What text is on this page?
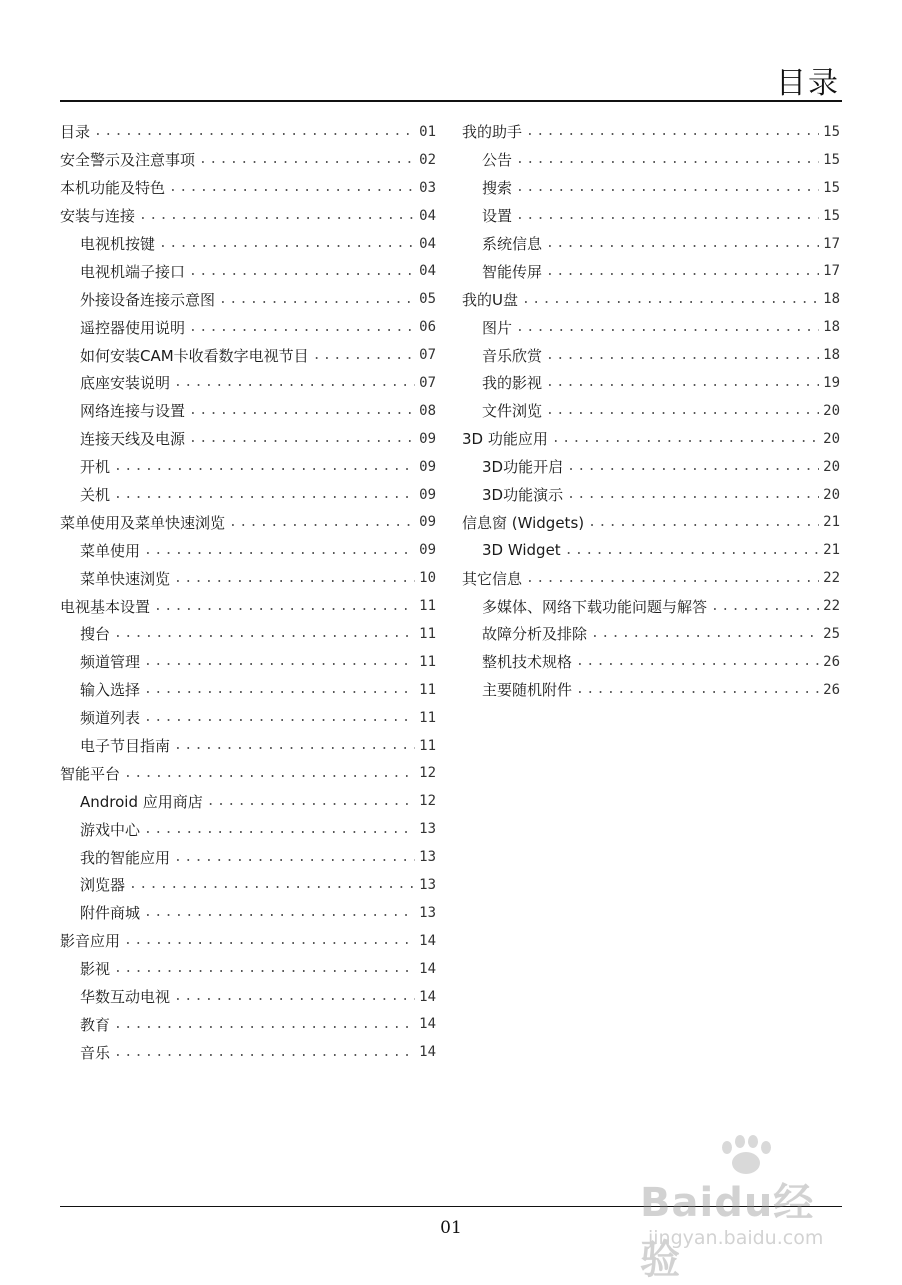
目录
目录 .....	01
安全警示及注意事项 .....	02
本机功能及特色 .....	03
安装与连接 .....	04
电视机按键 .....	04
电视机端子接口 .....	04
外接设备连接示意图 .....	05
遥控器使用说明 .....	06
如何安装CAM卡收看数字电视节目 .....	07
底座安装说明 .....	07
网络连接与设置 .....	08
连接天线及电源 .....	09
开机 .....	09
关机 .....	09
菜单使用及菜单快速浏览 .....	09
菜单使用 .....	09
菜单快速浏览 .....	10
电视基本设置 .....	11
搜台 .....	11
频道管理 .....	11
输入选择 .....	11
频道列表 .....	11
电子节目指南 .....	11
智能平台 .....	12
Android 应用商店 .....	12
游戏中心 .....	13
我的智能应用 .....	13
浏览器 .....	13
附件商城 .....	13
影音应用 .....	14
影视 .....	14
华数互动电视 .....	14
教育 .....	14
音乐 .....	14
我的助手 .....	15
公告 .....	15
搜索 .....	15
设置 .....	15
系统信息 .....	17
智能传屏 .....	17
我的U盘 .....	18
图片 .....	18
音乐欣赏 .....	18
我的影视 .....	19
文件浏览 .....	20
3D 功能应用 .....	20
3D功能开启 .....	20
3D功能演示 .....	20
信息窗 (Widgets) .....	21
3D Widget .....	21
其它信息 .....	22
多媒体、网络下载功能问题与解答 .....	22
故障分析及排除 .....	25
整机技术规格 .....	26
主要随机附件 .....	26
01
Baidu经验
jingyan.baidu.com
